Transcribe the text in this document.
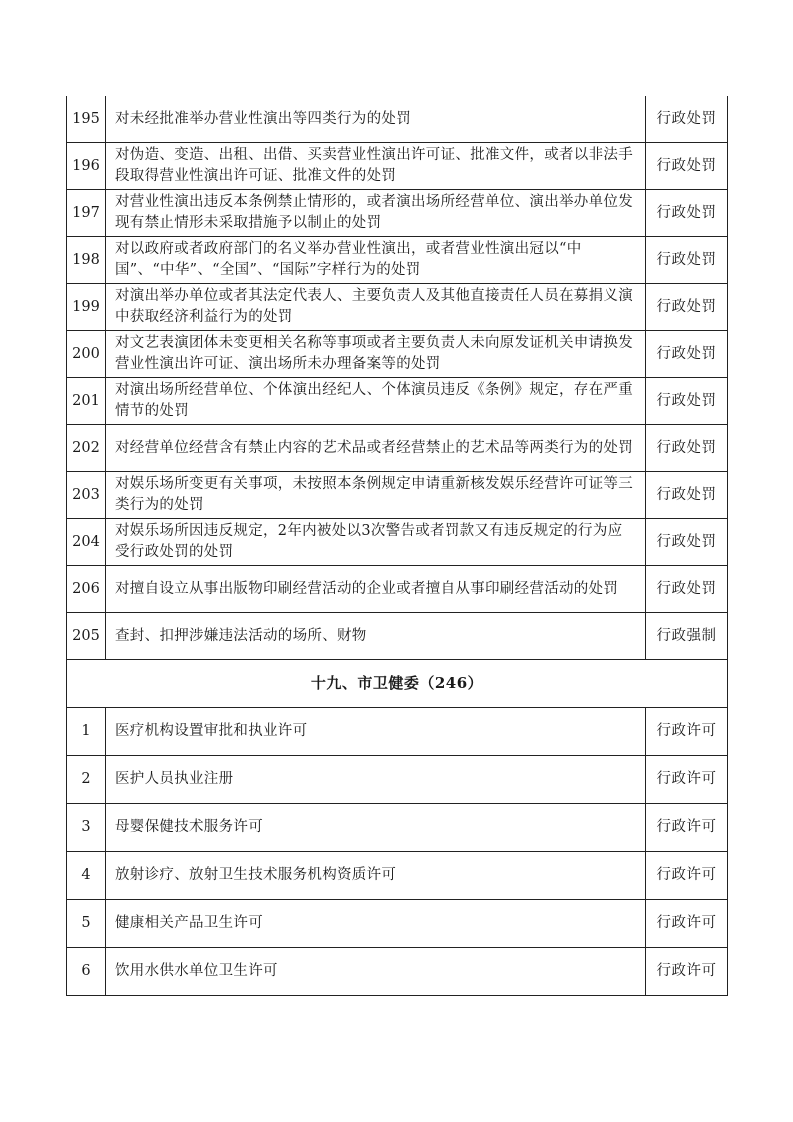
195	对未经批准举办营业性演出等四类行为的处罚	行政处罚
196	对伪造、变造、出租、出借、买卖营业性演出许可证、批准文件，或者以非法手段取得营业性演出许可证、批准文件的处罚	行政处罚
197	对营业性演出违反本条例禁止情形的，或者演出场所经营单位、演出举办单位发现有禁止情形未采取措施予以制止的处罚	行政处罚
198	对以政府或者政府部门的名义举办营业性演出，或者营业性演出冠以“中国”、“中华”、“全国”、“国际”字样行为的处罚	行政处罚
199	对演出举办单位或者其法定代表人、主要负责人及其他直接责任人员在募捐义演中获取经济利益行为的处罚	行政处罚
200	对文艺表演团体未变更相关名称等事项或者主要负责人未向原发证机关申请换发营业性演出许可证、演出场所未办理备案等的处罚	行政处罚
201	对演出场所经营单位、个体演出经纪人、个体演员违反《条例》规定，存在严重情节的处罚	行政处罚
202	对经营单位经营含有禁止内容的艺术品或者经营禁止的艺术品等两类行为的处罚	行政处罚
203	对娱乐场所变更有关事项，未按照本条例规定申请重新核发娱乐经营许可证等三类行为的处罚	行政处罚
204	对娱乐场所因违反规定，2年内被处以3次警告或者罚款又有违反规定的行为应受行政处罚的处罚	行政处罚
206	对擅自设立从事出版物印刷经营活动的企业或者擅自从事印刷经营活动的处罚	行政处罚
205	查封、扣押涉嫌违法活动的场所、财物	行政强制
十九、市卫健委（246）		
1	医疗机构设置审批和执业许可	行政许可
2	医护人员执业注册	行政许可
3	母婴保健技术服务许可	行政许可
4	放射诊疗、放射卫生技术服务机构资质许可	行政许可
5	健康相关产品卫生许可	行政许可
6	饮用水供水单位卫生许可	行政许可
